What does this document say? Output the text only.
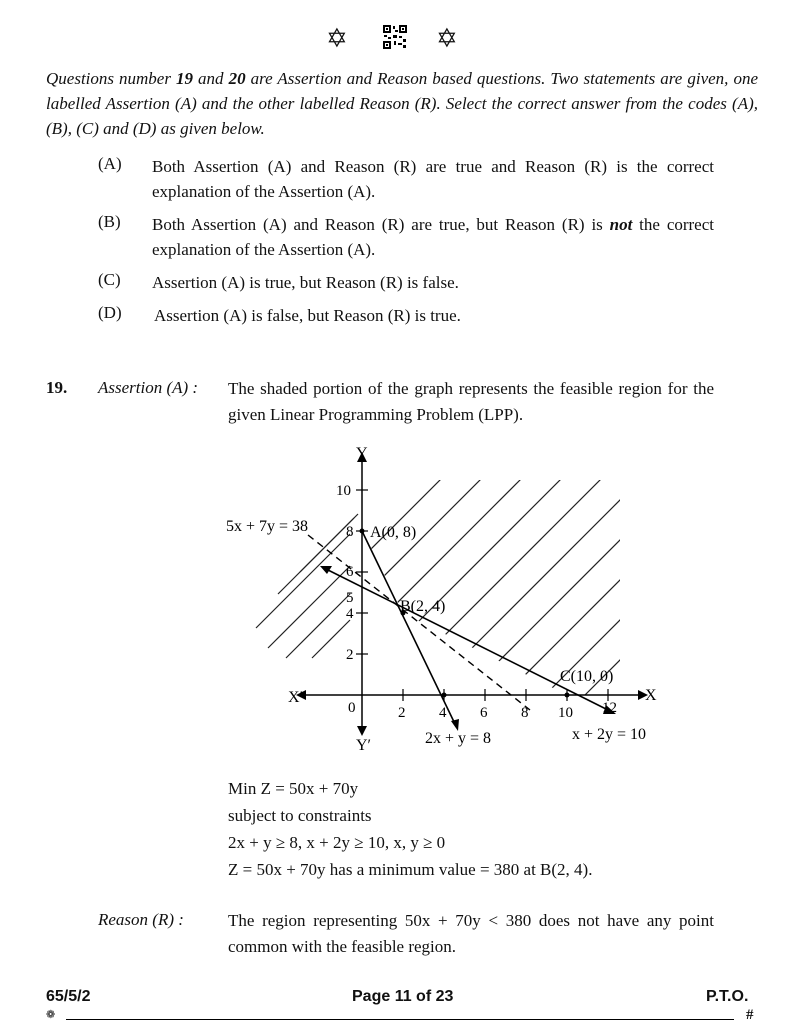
✡	✡
Questions number 19 and 20 are Assertion and Reason based questions. Two statements are given, one labelled Assertion (A) and the other labelled Reason (R). Select the correct answer from the codes (A), (B), (C) and (D) as given below.
(A) Both Assertion (A) and Reason (R) are true and Reason (R) is the correct explanation of the Assertion (A).
(B) Both Assertion (A) and Reason (R) are true, but Reason (R) is not the correct explanation of the Assertion (A).
(C) Assertion (A) is true, but Reason (R) is false.
(D) Assertion (A) is false, but Reason (R) is true.
19. Assertion (A) : The shaded portion of the graph represents the feasible region for the given Linear Programming Problem (LPP).
Y
Y′
X
X′
0	2 4 6 8 10 12
2
4
5
6
8
10
A(0, 8)
B(2, 4)
C(10, 0)
5x + 7y = 38
2x + y = 8	x + 2y = 10
Min Z = 50x + 70y
subject to constraints
2x + y ≥ 8, x + 2y ≥ 10, x, y ≥ 0
Z = 50x + 70y has a minimum value = 380 at B(2, 4).
Reason (R) :	The region representing 50x + 70y < 380 does not have any point common with the feasible region.
65/5/2	Page 11 of 23	P.T.O.
❁	#
